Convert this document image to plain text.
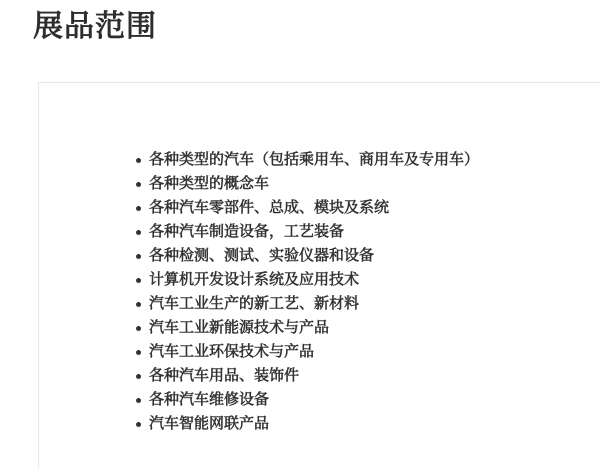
展品范围
各种类型的汽车（包括乘用车、商用车及专用车）
各种类型的概念车
各种汽车零部件、总成、模块及系统
各种汽车制造设备，工艺装备
各种检测、测试、实验仪器和设备
计算机开发设计系统及应用技术
汽车工业生产的新工艺、新材料
汽车工业新能源技术与产品
汽车工业环保技术与产品
各种汽车用品、装饰件
各种汽车维修设备
汽车智能网联产品
